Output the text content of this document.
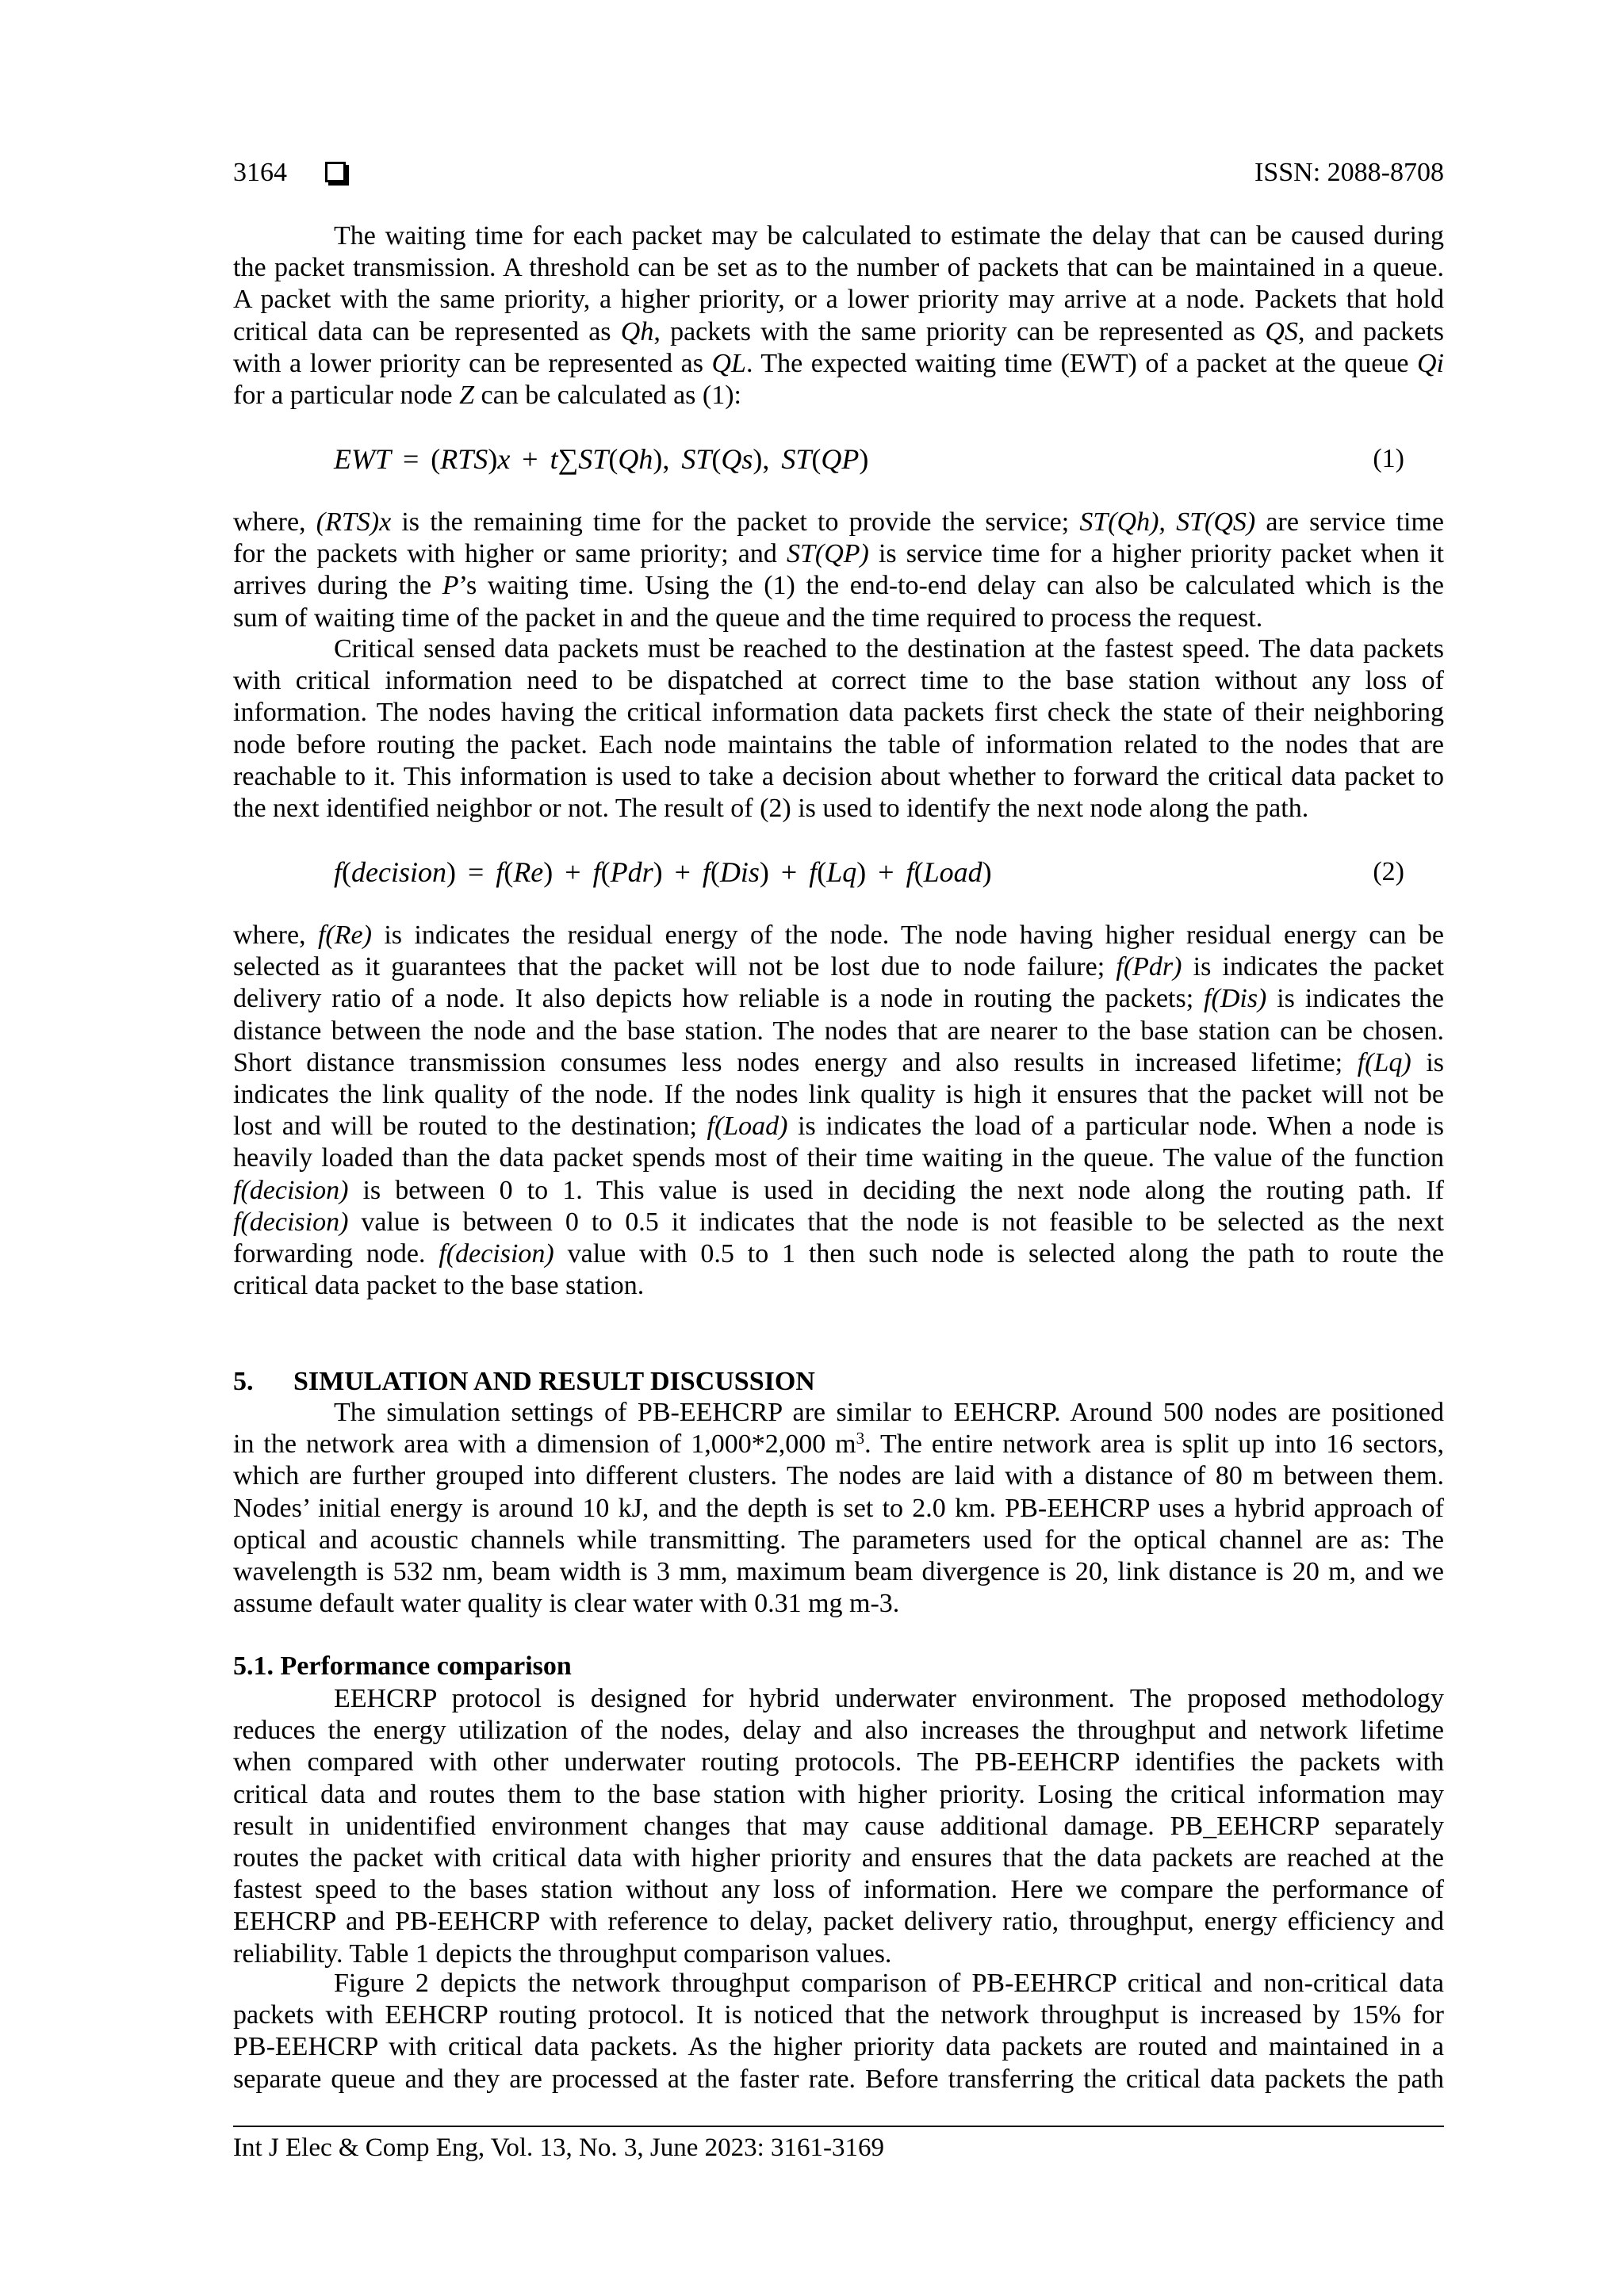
3164	ISSN: 2088-8708
The waiting time for each packet may be calculated to estimate the delay that can be caused during
the packet transmission. A threshold can be set as to the number of packets that can be maintained in a queue.
A packet with the same priority, a higher priority, or a lower priority may arrive at a node. Packets that hold
critical data can be represented as Qh, packets with the same priority can be represented as QS, and packets
with a lower priority can be represented as QL. The expected waiting time (EWT) of a packet at the queue Qi
for a particular node Z can be calculated as (1):
EWT = (RTS)x + t∑ST(Qh), ST(Qs), ST(QP)	(1)
where, (RTS)x is the remaining time for the packet to provide the service; ST(Qh), ST(QS) are service time
for the packets with higher or same priority; and ST(QP) is service time for a higher priority packet when it
arrives during the P’s waiting time. Using the (1) the end-to-end delay can also be calculated which is the
sum of waiting time of the packet in and the queue and the time required to process the request.
Critical sensed data packets must be reached to the destination at the fastest speed. The data packets
with critical information need to be dispatched at correct time to the base station without any loss of
information. The nodes having the critical information data packets first check the state of their neighboring
node before routing the packet. Each node maintains the table of information related to the nodes that are
reachable to it. This information is used to take a decision about whether to forward the critical data packet to
the next identified neighbor or not. The result of (2) is used to identify the next node along the path.
f(decision) = f(Re) + f(Pdr) + f(Dis) + f(Lq) + f(Load)	(2)
where, f(Re) is indicates the residual energy of the node. The node having higher residual energy can be
selected as it guarantees that the packet will not be lost due to node failure; f(Pdr) is indicates the packet
delivery ratio of a node. It also depicts how reliable is a node in routing the packets; f(Dis) is indicates the
distance between the node and the base station. The nodes that are nearer to the base station can be chosen.
Short distance transmission consumes less nodes energy and also results in increased lifetime; f(Lq) is
indicates the link quality of the node. If the nodes link quality is high it ensures that the packet will not be
lost and will be routed to the destination; f(Load) is indicates the load of a particular node. When a node is
heavily loaded than the data packet spends most of their time waiting in the queue. The value of the function
f(decision) is between 0 to 1. This value is used in deciding the next node along the routing path. If
f(decision) value is between 0 to 0.5 it indicates that the node is not feasible to be selected as the next
forwarding node. f(decision) value with 0.5 to 1 then such node is selected along the path to route the
critical data packet to the base station.
5. SIMULATION AND RESULT DISCUSSION
The simulation settings of PB-EEHCRP are similar to EEHCRP. Around 500 nodes are positioned
in the network area with a dimension of 1,000*2,000 $m^3$. The entire network area is split up into 16 sectors,
which are further grouped into different clusters. The nodes are laid with a distance of 80 m between them.
Nodes’ initial energy is around 10 kJ, and the depth is set to 2.0 km. PB-EEHCRP uses a hybrid approach of
optical and acoustic channels while transmitting. The parameters used for the optical channel are as: The
wavelength is 532 nm, beam width is 3 mm, maximum beam divergence is 20, link distance is 20 m, and we
assume default water quality is clear water with 0.31 mg m-3.
5.1. Performance comparison
EEHCRP protocol is designed for hybrid underwater environment. The proposed methodology
reduces the energy utilization of the nodes, delay and also increases the throughput and network lifetime
when compared with other underwater routing protocols. The PB-EEHCRP identifies the packets with
critical data and routes them to the base station with higher priority. Losing the critical information may
result in unidentified environment changes that may cause additional damage. PB_EEHCRP separately
routes the packet with critical data with higher priority and ensures that the data packets are reached at the
fastest speed to the bases station without any loss of information. Here we compare the performance of
EEHCRP and PB-EEHCRP with reference to delay, packet delivery ratio, throughput, energy efficiency and
reliability. Table 1 depicts the throughput comparison values.
Figure 2 depicts the network throughput comparison of PB-EEHRCP critical and non-critical data
packets with EEHCRP routing protocol. It is noticed that the network throughput is increased by 15% for
PB-EEHCRP with critical data packets. As the higher priority data packets are routed and maintained in a
separate queue and they are processed at the faster rate. Before transferring the critical data packets the path
Int J Elec & Comp Eng, Vol. 13, No. 3, June 2023: 3161-3169
